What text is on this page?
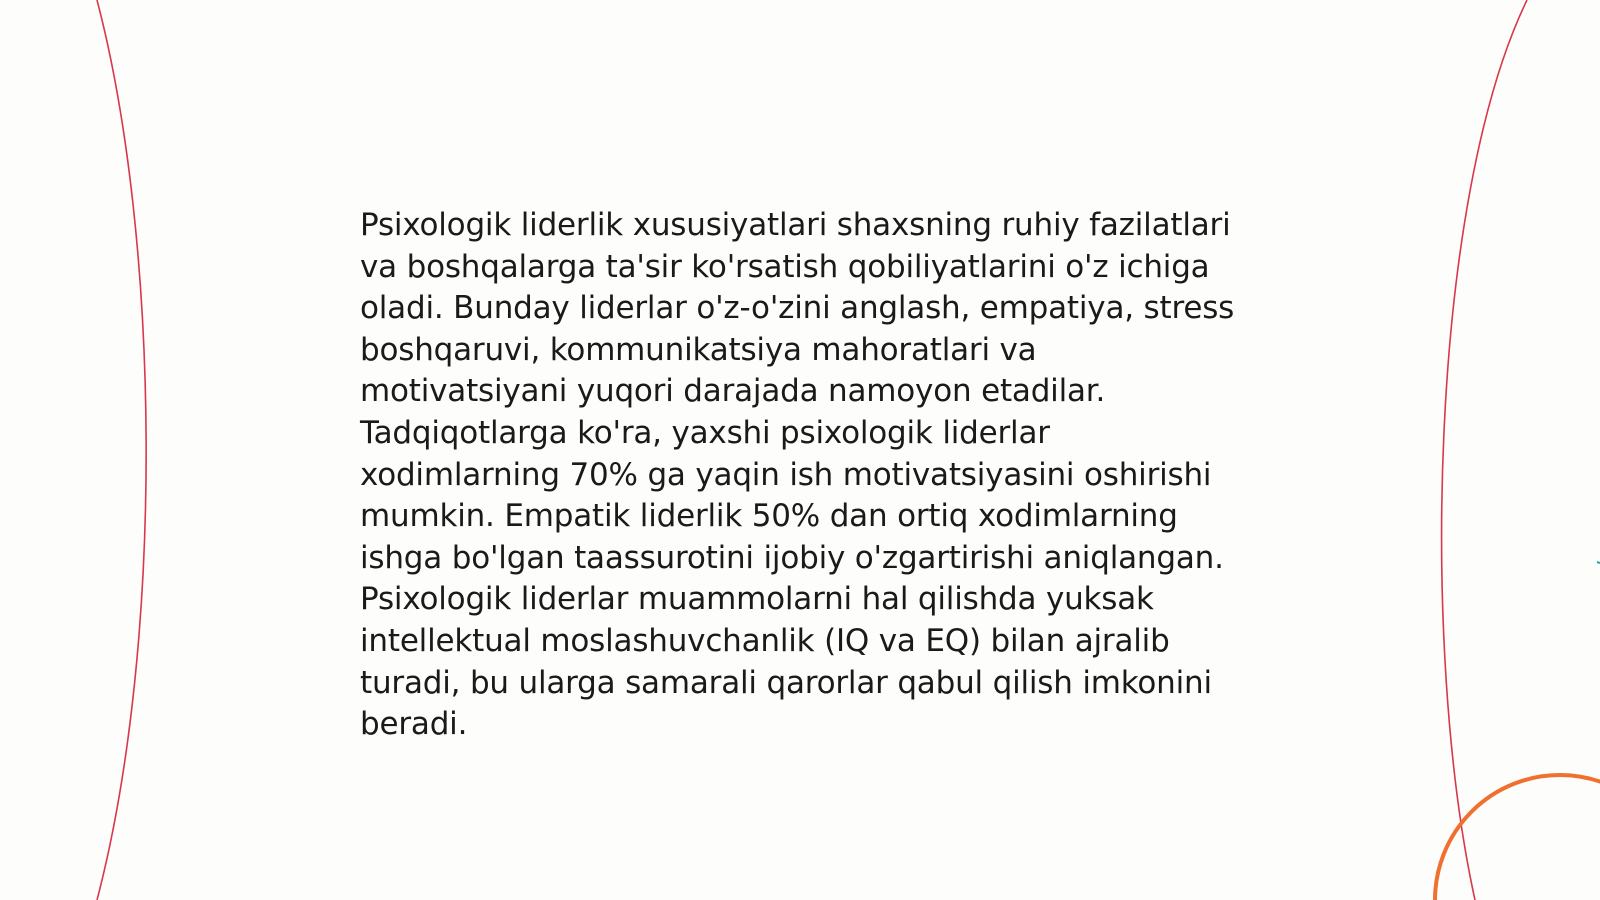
Psixologik liderlik xususiyatlari shaxsning ruhiy fazilatlari va boshqalarga ta'sir ko'rsatish qobiliyatlarini o'z ichiga oladi. Bunday liderlar o'z-o'zini anglash, empatiya, stress boshqaruvi, kommunikatsiya mahoratlari va motivatsiyani yuqori darajada namoyon etadilar. Tadqiqotlarga ko'ra, yaxshi psixologik liderlar xodimlarning 70% ga yaqin ish motivatsiyasini oshirishi mumkin. Empatik liderlik 50% dan ortiq xodimlarning ishga bo'lgan taassurotini ijobiy o'zgartirishi aniqlangan. Psixologik liderlar muammolarni hal qilishda yuksak intellektual moslashuvchanlik (IQ va EQ) bilan ajralib turadi, bu ularga samarali qarorlar qabul qilish imkonini beradi.
